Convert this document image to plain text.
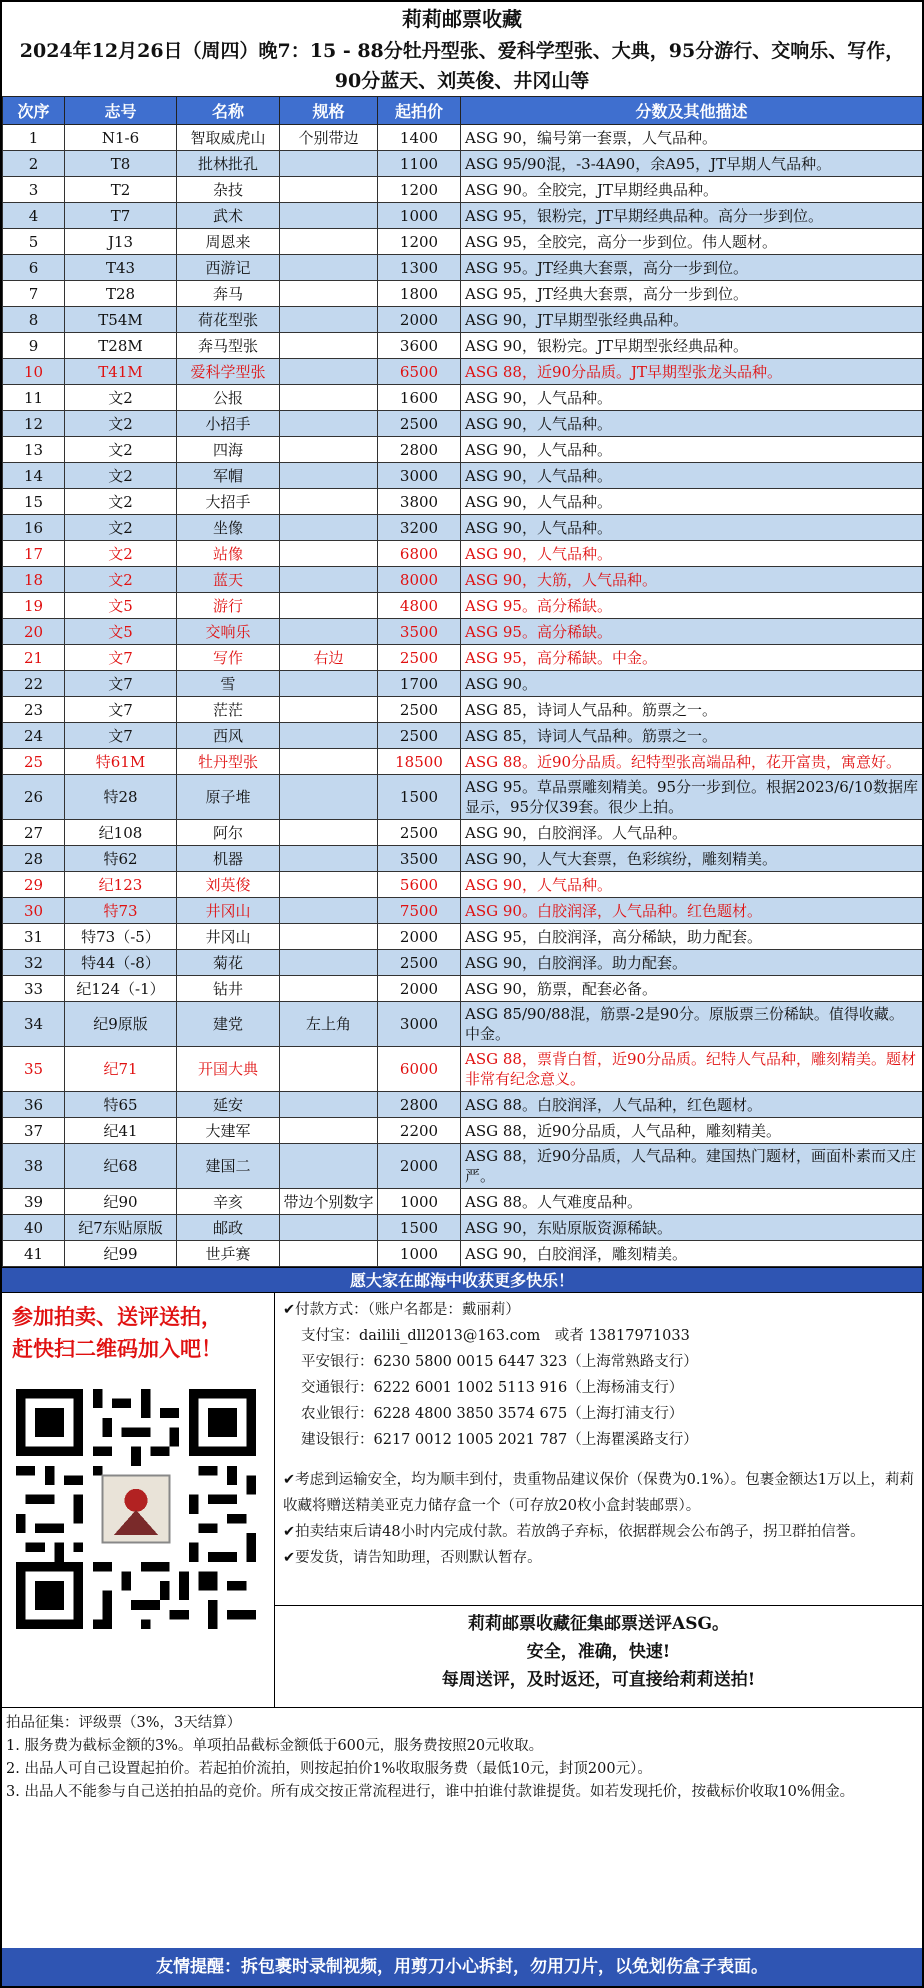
莉莉邮票收藏
2024年12月26日（周四）晚7：15 - 88分牡丹型张、爱科学型张、大典，95分游行、交响乐、写作，90分蓝天、刘英俊、井冈山等
次序	志号	名称	规格	起拍价	分数及其他描述
1	N1-6	智取威虎山	个别带边	1400	ASG 90，编号第一套票，人气品种。
2	T8	批林批孔		1100	ASG 95/90混，-3-4A90，余A95，JT早期人气品种。
3	T2	杂技		1200	ASG 90。全胶完，JT早期经典品种。
4	T7	武术		1000	ASG 95，银粉完，JT早期经典品种。高分一步到位。
5	J13	周恩来		1200	ASG 95，全胶完，高分一步到位。伟人题材。
6	T43	西游记		1300	ASG 95。JT经典大套票，高分一步到位。
7	T28	奔马		1800	ASG 95，JT经典大套票，高分一步到位。
8	T54M	荷花型张		2000	ASG 90，JT早期型张经典品种。
9	T28M	奔马型张		3600	ASG 90，银粉完。JT早期型张经典品种。
10	T41M	爱科学型张		6500	ASG 88，近90分品质。JT早期型张龙头品种。
11	文2	公报		1600	ASG 90，人气品种。
12	文2	小招手		2500	ASG 90，人气品种。
13	文2	四海		2800	ASG 90，人气品种。
14	文2	军帽		3000	ASG 90，人气品种。
15	文2	大招手		3800	ASG 90，人气品种。
16	文2	坐像		3200	ASG 90，人气品种。
17	文2	站像		6800	ASG 90，人气品种。
18	文2	蓝天		8000	ASG 90，大筋，人气品种。
19	文5	游行		4800	ASG 95。高分稀缺。
20	文5	交响乐		3500	ASG 95。高分稀缺。
21	文7	写作	右边	2500	ASG 95，高分稀缺。中金。
22	文7	雪		1700	ASG 90。
23	文7	茫茫		2500	ASG 85，诗词人气品种。筋票之一。
24	文7	西风		2500	ASG 85，诗词人气品种。筋票之一。
25	特61M	牡丹型张		18500	ASG 88。近90分品质。纪特型张高端品种，花开富贵，寓意好。
26	特28	原子堆		1500	ASG 95。草品票雕刻精美。95分一步到位。根据2023/6/10数据库显示，95分仅39套。很少上拍。
27	纪108	阿尔		2500	ASG 90，白胶润泽。人气品种。
28	特62	机器		3500	ASG 90，人气大套票，色彩缤纷，雕刻精美。
29	纪123	刘英俊		5600	ASG 90，人气品种。
30	特73	井冈山		7500	ASG 90。白胶润泽，人气品种。红色题材。
31	特73（-5）	井冈山		2000	ASG 95，白胶润泽，高分稀缺，助力配套。
32	特44（-8）	菊花		2500	ASG 90，白胶润泽。助力配套。
33	纪124（-1）	钻井		2000	ASG 90，筋票，配套必备。
34	纪9原版	建党	左上角	3000	ASG 85/90/88混，筋票-2是90分。原版票三份稀缺。值得收藏。中金。
35	纪71	开国大典		6000	ASG 88，票背白皙，近90分品质。纪特人气品种，雕刻精美。题材非常有纪念意义。
36	特65	延安		2800	ASG 88。白胶润泽，人气品种，红色题材。
37	纪41	大建军		2200	ASG 88，近90分品质，人气品种，雕刻精美。
38	纪68	建国二		2000	ASG 88，近90分品质，人气品种。建国热门题材，画面朴素而又庄严。
39	纪90	辛亥	带边个别数字	1000	ASG 88。人气难度品种。
40	纪7东贴原版	邮政		1500	ASG 90，东贴原版资源稀缺。
41	纪99	世乒赛		1000	ASG 90，白胶润泽，雕刻精美。
愿大家在邮海中收获更多快乐！
参加拍卖、送评送拍，
赶快扫二维码加入吧！
✔付款方式：（账户名都是：戴丽莉）
支付宝：dailili_dll2013@163.com　或者 13817971033
平安银行：6230 5800 0015 6447 323（上海常熟路支行）
交通银行：6222 6001 1002 5113 916（上海杨浦支行）
农业银行：6228 4800 3850 3574 675（上海打浦支行）
建设银行：6217 0012 1005 2021 787（上海瞿溪路支行）
✔考虑到运输安全，均为顺丰到付，贵重物品建议保价（保费为0.1%）。包裹金额达1万以上，莉莉收藏将赠送精美亚克力储存盒一个（可存放20枚小盒封装邮票）。
✔拍卖结束后请48小时内完成付款。若放鸽子弃标，依据群规会公布鸽子，拐卫群拍信誉。
✔要发货，请告知助理，否则默认暂存。
莉莉邮票收藏征集邮票送评ASG。
安全，准确，快速!
每周送评，及时返还，可直接给莉莉送拍!
拍品征集：评级票（3%，3天结算）
1. 服务费为截标金额的3%。单项拍品截标金额低于600元，服务费按照20元收取。
2. 出品人可自己设置起拍价。若起拍价流拍，则按起拍价1%收取服务费（最低10元，封顶200元）。
3. 出品人不能参与自己送拍拍品的竞价。所有成交按正常流程进行，谁中拍谁付款谁提货。如若发现托价，按截标价收取10%佣金。
友情提醒：拆包裹时录制视频，用剪刀小心拆封，勿用刀片，以免划伤盒子表面。
